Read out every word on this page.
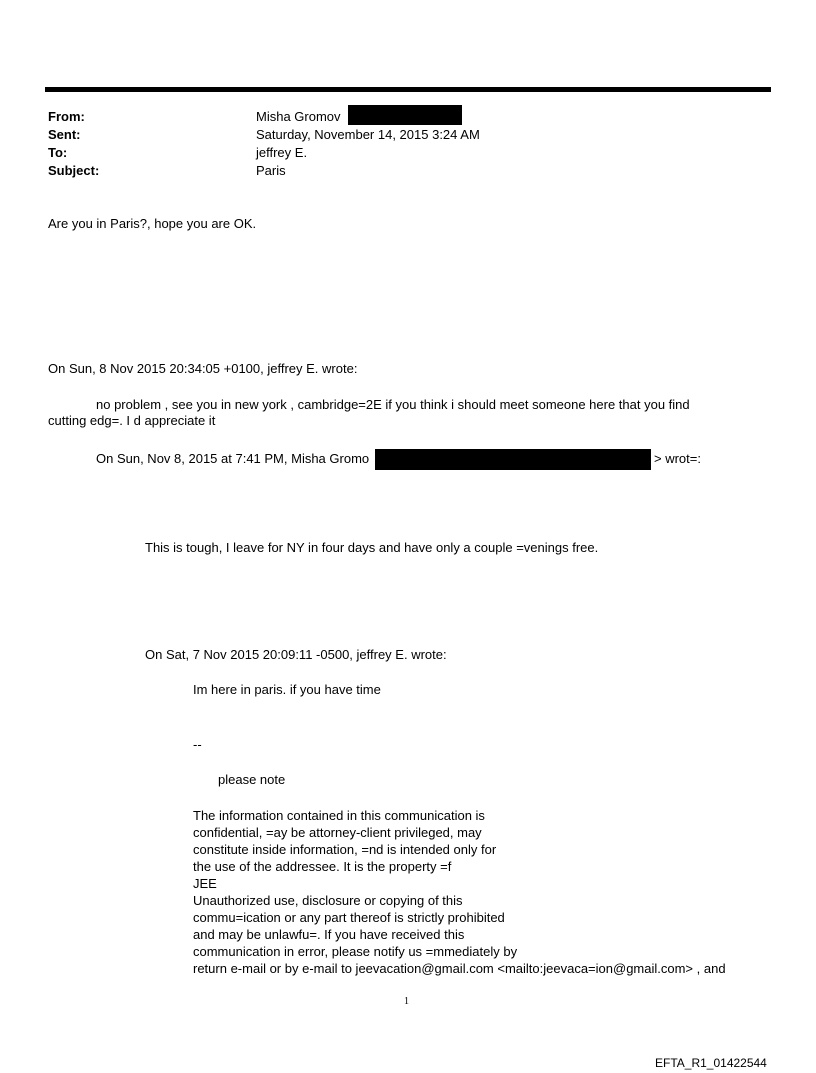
From:	Misha Gromov
Sent:	Saturday, November 14, 2015 3:24 AM
To:	jeffrey E.
Subject:	Paris
Are you in Paris?, hope you are OK.
On Sun, 8 Nov 2015 20:34:05 +0100, jeffrey E. wrote:
no problem , see you in new york , cambridge=2E if you think i should meet someone here that you find
cutting edg=. I d appreciate it
On Sun, Nov 8, 2015 at 7:41 PM, Misha Gromo	> wrot=:
This is tough, I leave for NY in four days and have only a couple =venings free.
On Sat, 7 Nov 2015 20:09:11 -0500, jeffrey E. wrote:
Im here in paris. if you have time
--
please note
The information contained in this communication is
confidential, =ay be attorney-client privileged, may
constitute inside information, =nd is intended only for
the use of the addressee. It is the property =f
JEE
Unauthorized use, disclosure or copying of this
commu=ication or any part thereof is strictly prohibited
and may be unlawfu=. If you have received this
communication in error, please notify us =mmediately by
return e-mail or by e-mail to jeevacation@gmail.com <mailto:jeevaca=ion@gmail.com> , and
1
EFTA_R1_01422544
